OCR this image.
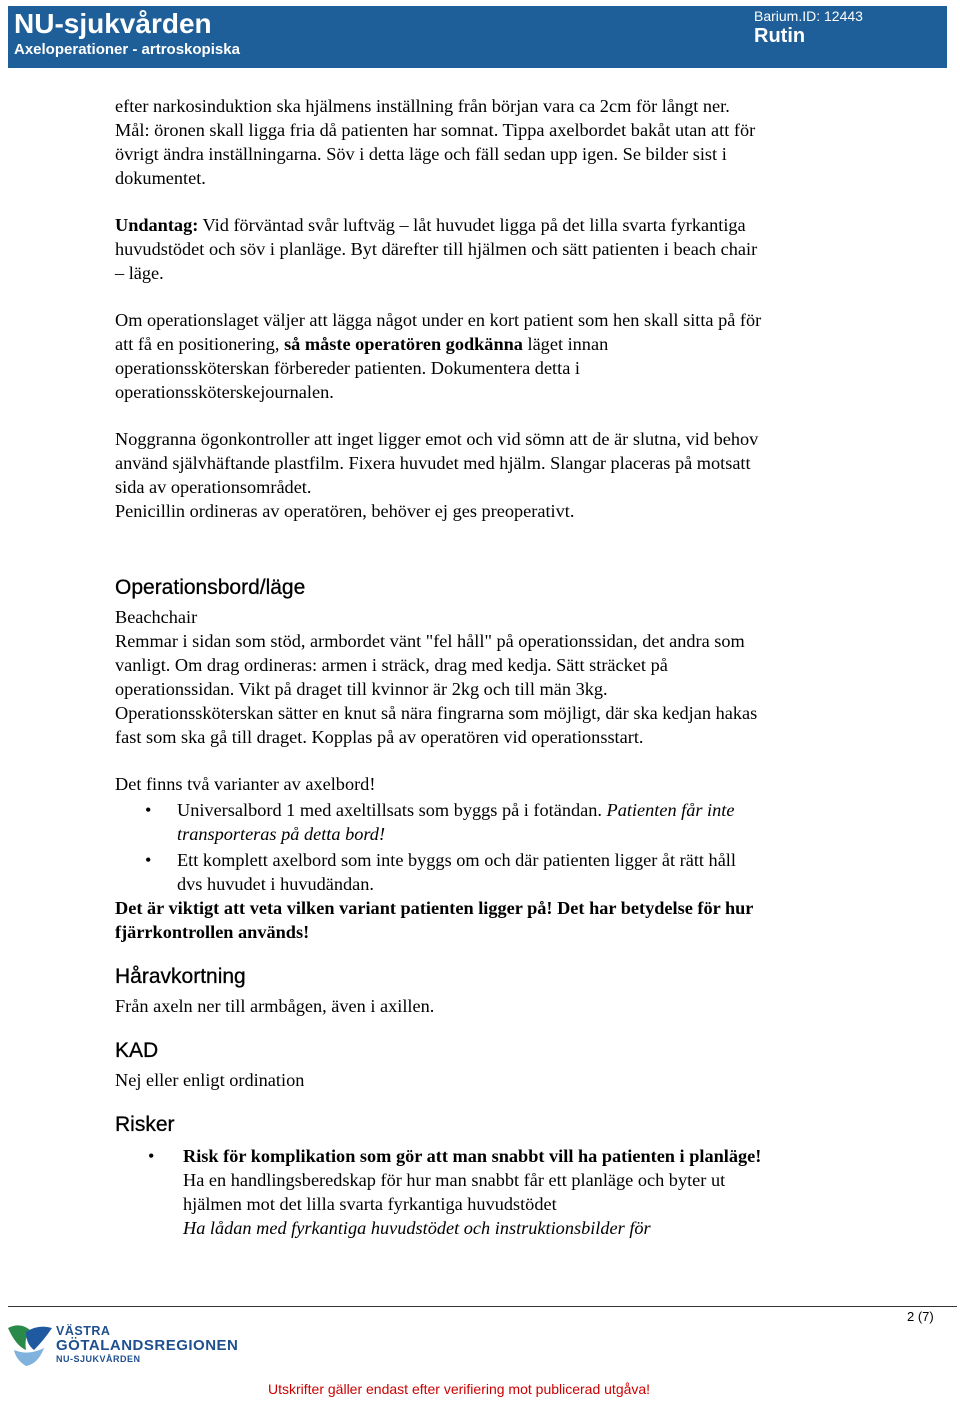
NU-sjukvården
Axeloperationer - artroskopiska
Barium.ID: 12443
Rutin

efter narkosinduktion ska hjälmens inställning från början vara ca 2cm för långt ner. Mål: öronen skall ligga fria då patienten har somnat. Tippa axelbordet bakåt utan att för övrigt ändra inställningarna. Söv i detta läge och fäll sedan upp igen. Se bilder sist i dokumentet.

Undantag: Vid förväntad svår luftväg – låt huvudet ligga på det lilla svarta fyrkantiga huvudstödet och söv i planläge. Byt därefter till hjälmen och sätt patienten i beach chair – läge.

Om operationslaget väljer att lägga något under en kort patient som hen skall sitta på för att få en positionering, så måste operatören godkänna läget innan operationssköterskan förbereder patienten. Dokumentera detta i operationssköterskejournalen.

Noggranna ögonkontroller att inget ligger emot och vid sömn att de är slutna, vid behov använd självhäftande plastfilm. Fixera huvudet med hjälm. Slangar placeras på motsatt sida av operationsområdet.

Penicillin ordineras av operatören, behöver ej ges preoperativt.

Operationsbord/läge

Beachchair

Remmar i sidan som stöd, armbordet vänt "fel håll" på operationssidan, det andra som vanligt. Om drag ordineras: armen i sträck, drag med kedja. Sätt sträcket på operationssidan. Vikt på draget till kvinnor är 2kg och till män 3kg. Operationssköterskan sätter en knut så nära fingrarna som möjligt, där ska kedjan hakas fast som ska gå till draget. Kopplas på av operatören vid operationsstart.

Det finns två varianter av axelbord!

• Universalbord 1 med axeltillsats som byggs på i fotändan. Patienten får inte transporteras på detta bord!
• Ett komplett axelbord som inte byggs om och där patienten ligger åt rätt håll dvs huvudet i huvudändan.

Det är viktigt att veta vilken variant patienten ligger på! Det har betydelse för hur fjärrkontrollen används!

Håravkortning

Från axeln ner till armbågen, även i axillen.

KAD

Nej eller enligt ordination

Risker
• Risk för komplikation som gör att man snabbt vill ha patienten i planläge! Ha en handlingsberedskap för hur man snabbt får ett planläge och byter ut hjälmen mot det lilla svarta fyrkantiga huvudstödet
Ha lådan med fyrkantiga huvudstödet och instruktionsbilder för
2 (7)
VÄSTRA
GÖTALANDSREGIONEN
NU-SJUKVÅRDEN
Utskrifter gäller endast efter verifiering mot publicerad utgåva!
